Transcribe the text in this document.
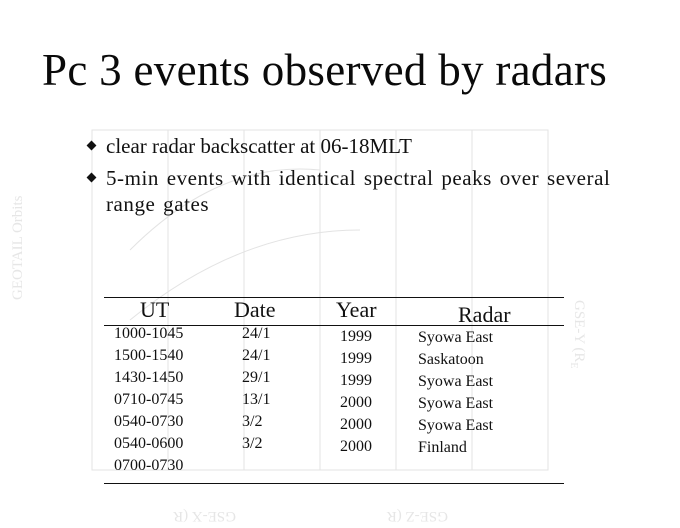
GEOTAIL Orbits
GSE-Y ($R_E$
GSE-X (R	GSE-Z (R
Pc 3 events observed by radars
clear radar backscatter at 06-18MLT
5-min events with identical spectral peaks over several range gates
UT	Date	Year	Radar
1000-1045	24/1	1999	Syowa East
1500-1540	24/1	1999	Saskatoon
1430-1450	29/1	1999	Syowa East
0710-0745	13/1	2000	Syowa East
0540-0730	3/2	2000	Syowa East
0540-0600	3/2	2000	Finland
0700-0730
